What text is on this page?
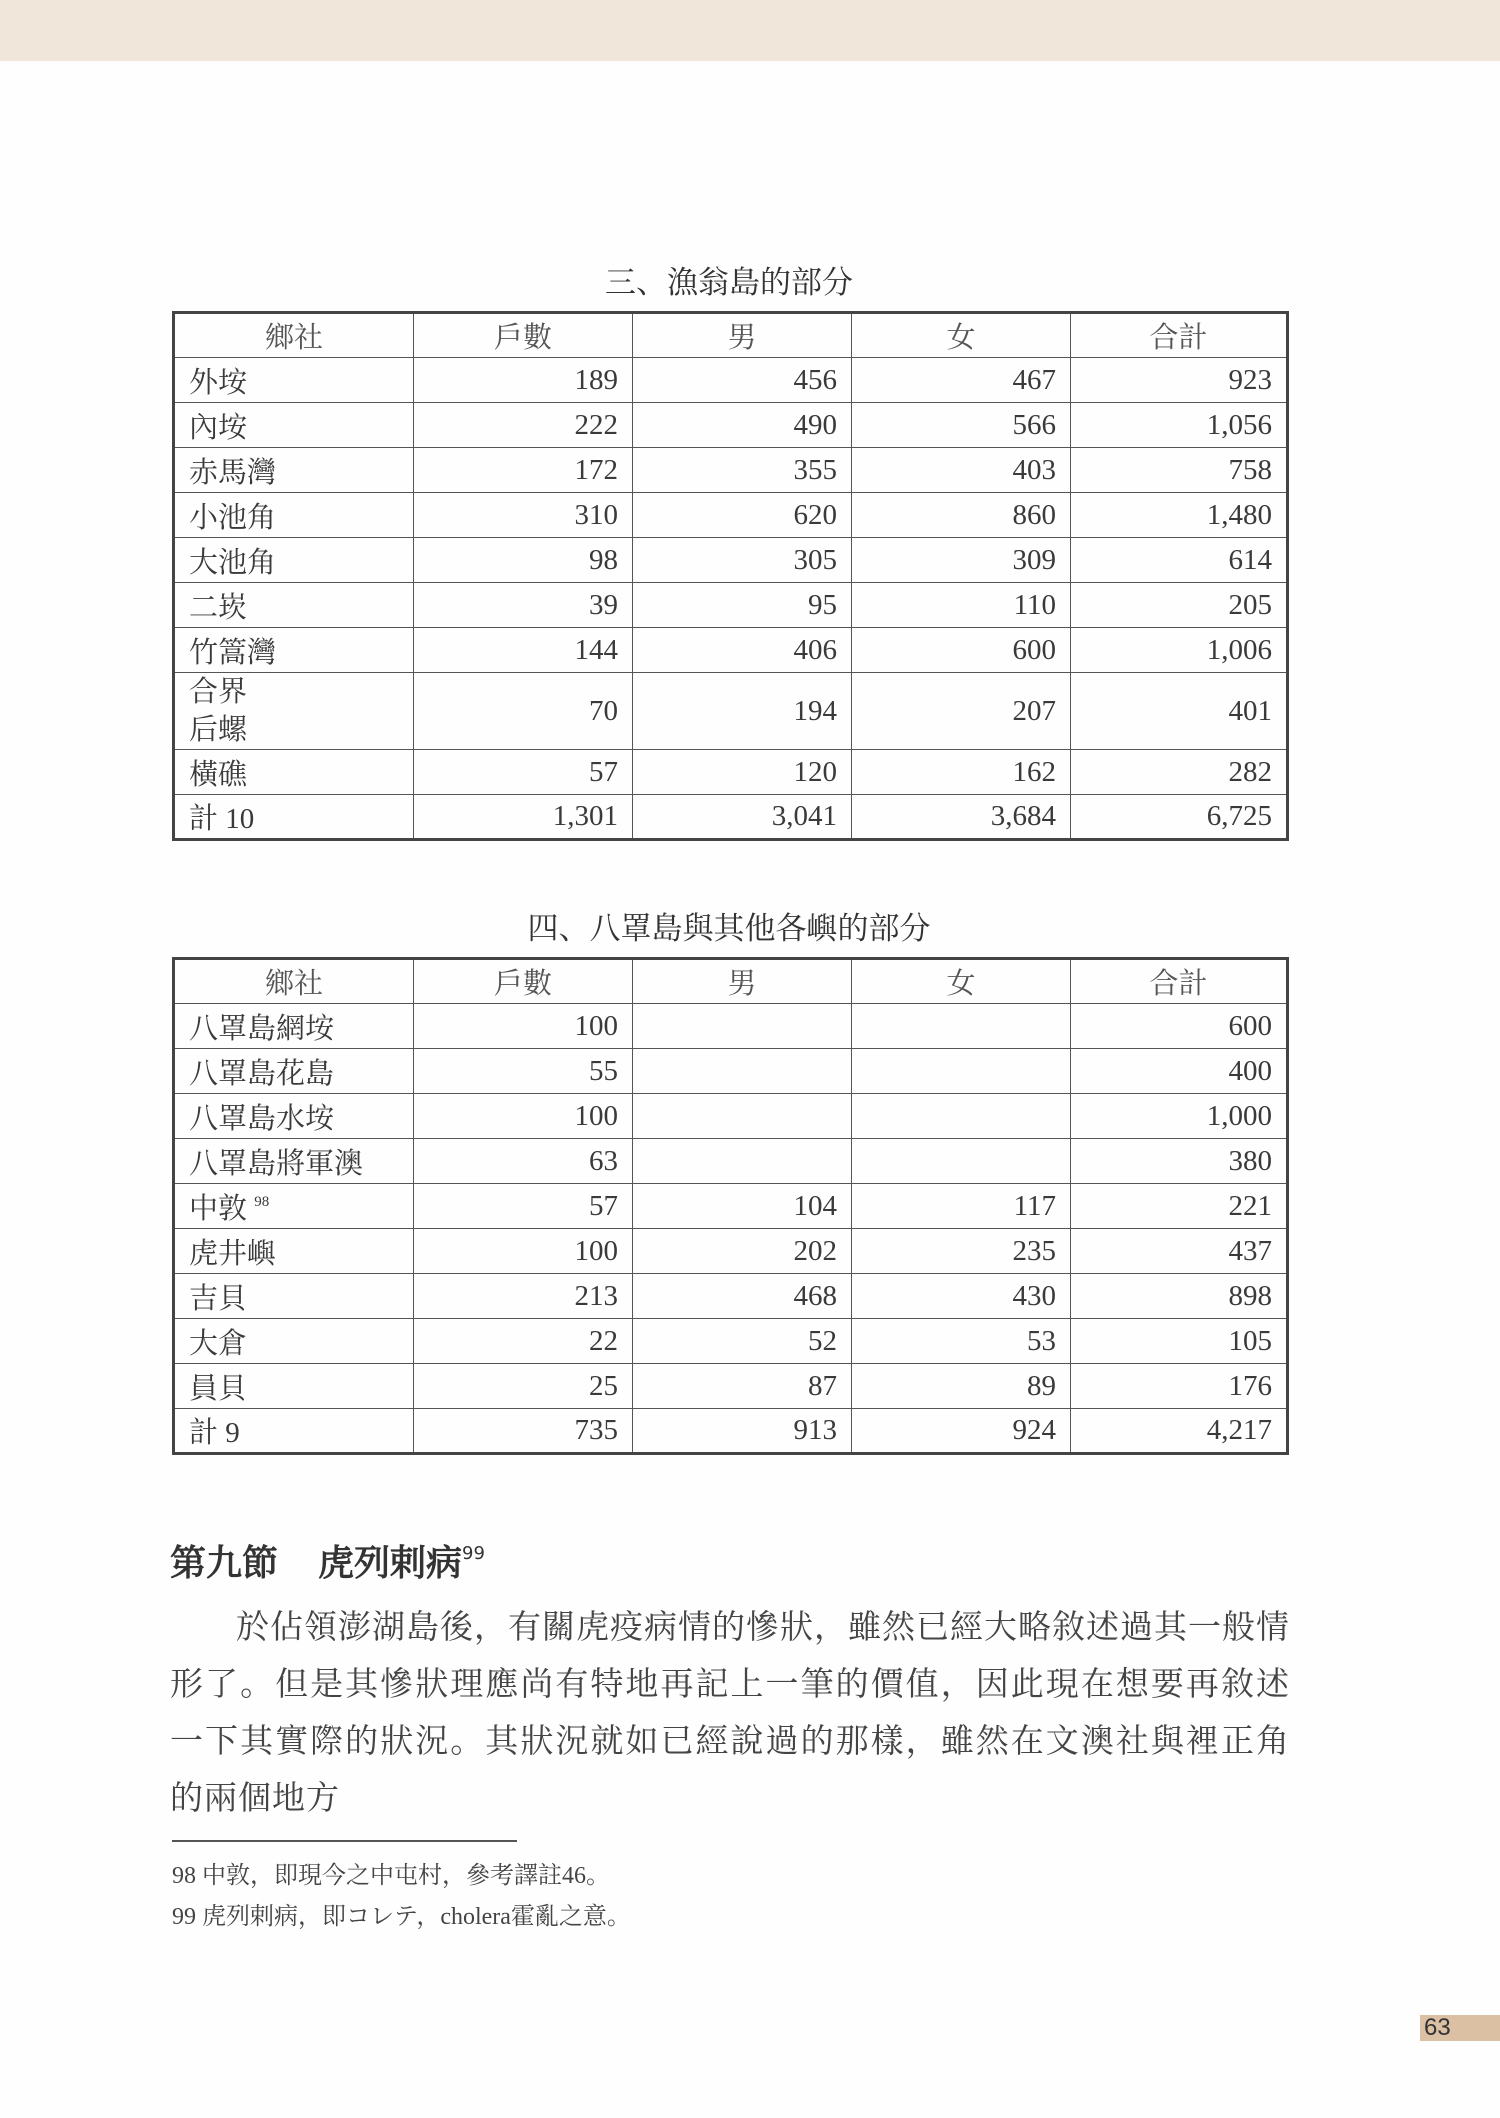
三、漁翁島的部分
鄉社	戶數	男	女	合計
外垵	189	456	467	923
內垵	222	490	566	1,056
赤馬灣	172	355	403	758
小池角	310	620	860	1,480
大池角	98	305	309	614
二崁	39	95	110	205
竹篙灣	144	406	600	1,006

合界
后螺	70	194	207	401
橫礁	57	120	162	282
計 10	1,301	3,041	3,684	6,725
四、八罩島與其他各嶼的部分
鄉社	戶數	男	女	合計
八罩島網垵	100			600
八罩島花島	55			400
八罩島水垵	100			1,000
八罩島將軍澳	63			380
中敦 $^{98}$	57	104	117	221
虎井嶼	100	202	235	437
吉貝	213	468	430	898
大倉	22	52	53	105
員貝	25	87	89	176
計 9	735	913	924	4,217
第九節 虎列剌病$^{99}$
於佔領澎湖島後，有關虎疫病情的慘狀，雖然已經大略敘述過其一般情形了。但是其慘狀理應尚有特地再記上一筆的價值，因此現在想要再敘述一下其實際的狀況。其狀況就如已經說過的那樣，雖然在文澳社與裡正角的兩個地方
98 中敦，即現今之中屯村，參考譯註46。
99 虎列剌病，即コレテ，cholera霍亂之意。
63
